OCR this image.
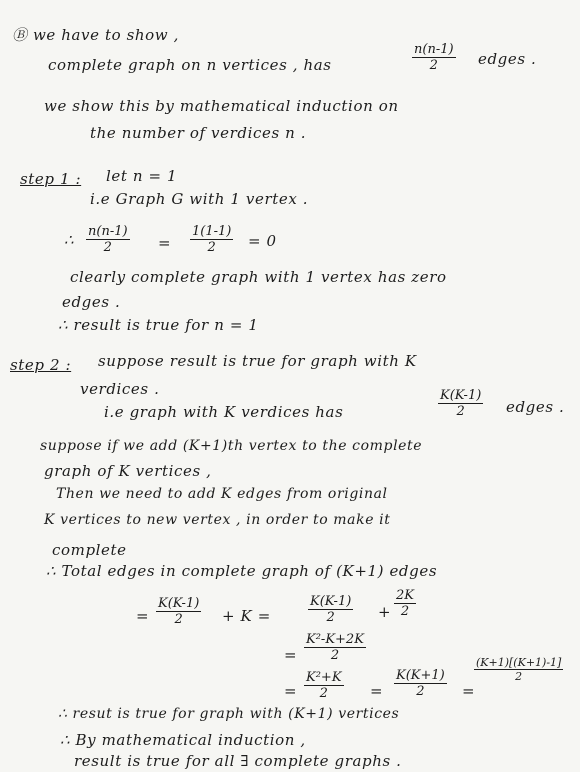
Ⓑ we have to show ,
complete graph on n vertices , has	$\frac{n(n-1)}{2}$ edges .
we show this by mathematical induction on
the number of verdices n .
step 1 : let n = 1
i.e Graph G with 1 vertex .
∴ $\frac{n(n-1)}{2} = \frac{1(1-1)}{2} = 0$
clearly complete graph with 1 vertex has zero
edges .
∴ result is true for n = 1
step 2 : suppose result is true for graph with K
verdices .
i.e graph with K verdices has	$\frac{K(K-1)}{2}$ edges .
suppose if we add (K+1)th vertex to the complete
graph of K vertices ,
Then we need to add K edges from original
K vertices to new vertex , in order to make it
complete
∴ Total edges in complete graph of (K+1) edges
= $\frac{K(K-1)}{2} + K$ =	$\frac{K(K-1)}{2} + \frac{2K}{2}$
= $\frac{\text{K²-K+2K}}{2}$
= $\frac{\text{K²+K}}{2} = \frac{K(K+1)}{2}$ =
$\frac{(K+1)[(K+1)-1]}{2}$
∴ resut is true for graph with (K+1) vertices
∴ By mathematical induction ,
result is true for all ∃ complete graphs .
